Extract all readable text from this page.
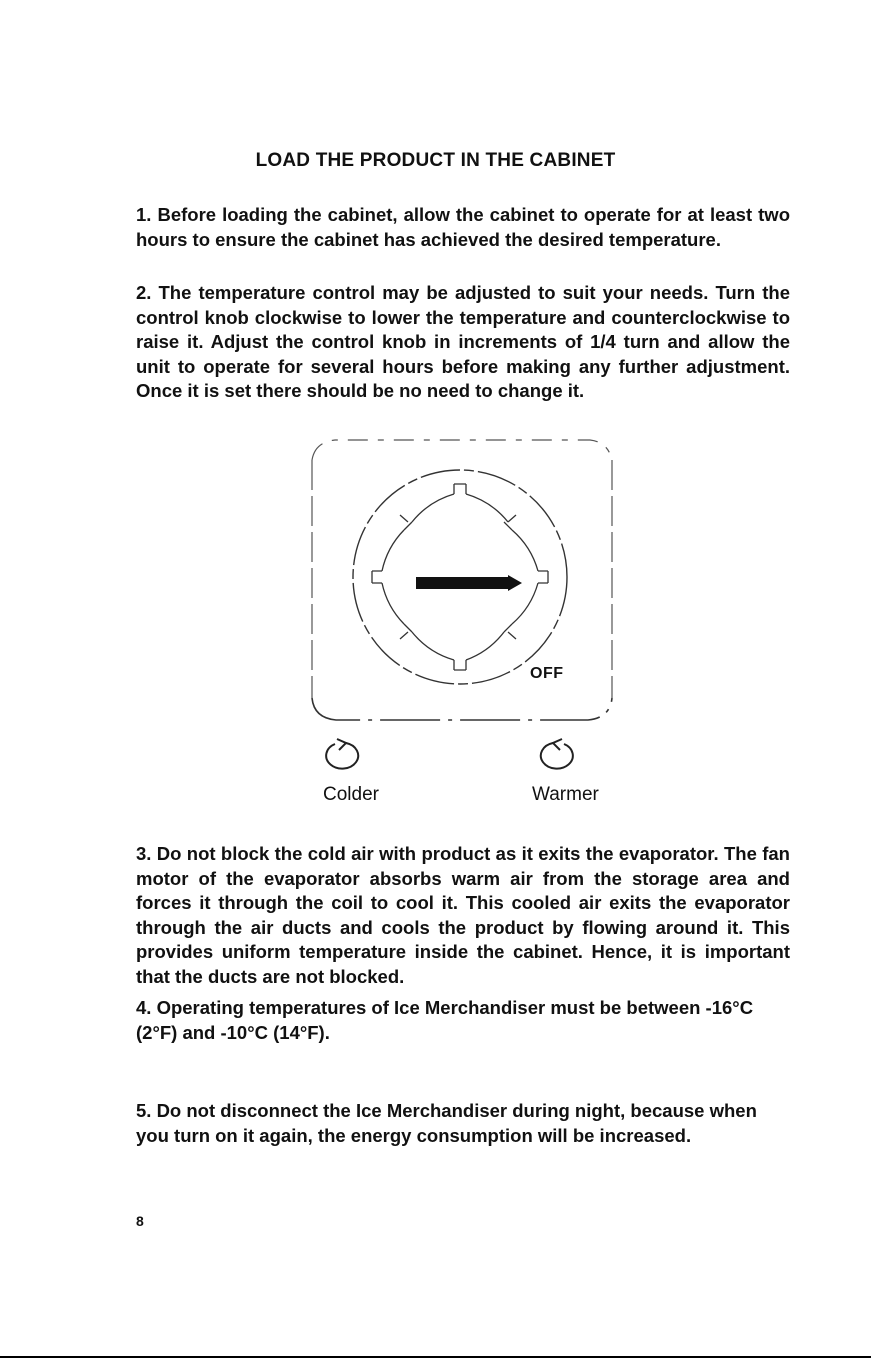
LOAD THE PRODUCT IN THE CABINET

1. Before loading the cabinet, allow the cabinet to operate for at least two hours to ensure the cabinet has achieved the desired temperature.

2. The temperature control may be adjusted to suit your needs. Turn the control knob clockwise to lower the temperature and counterclockwise to raise it. Adjust the control knob in increments of 1/4 turn and allow the unit to operate for several hours before making any further adjustment. Once it is set there should be no need to change it.

OFF
Colder	Warmer

3. Do not block the cold air with product as it exits the evaporator. The fan motor of the evaporator absorbs warm air from the storage area and forces it through the coil to cool it. This cooled air exits the evaporator through the air ducts and cools the product by flowing around it. This provides uniform temperature inside the cabinet. Hence, it is important that the ducts are not blocked.

4. Operating temperatures of Ice Merchandiser must be between -16°C (2°F) and -10°C (14°F).

5. Do not disconnect the Ice Merchandiser during night, because when you turn on it again, the energy consumption will be increased.

8
